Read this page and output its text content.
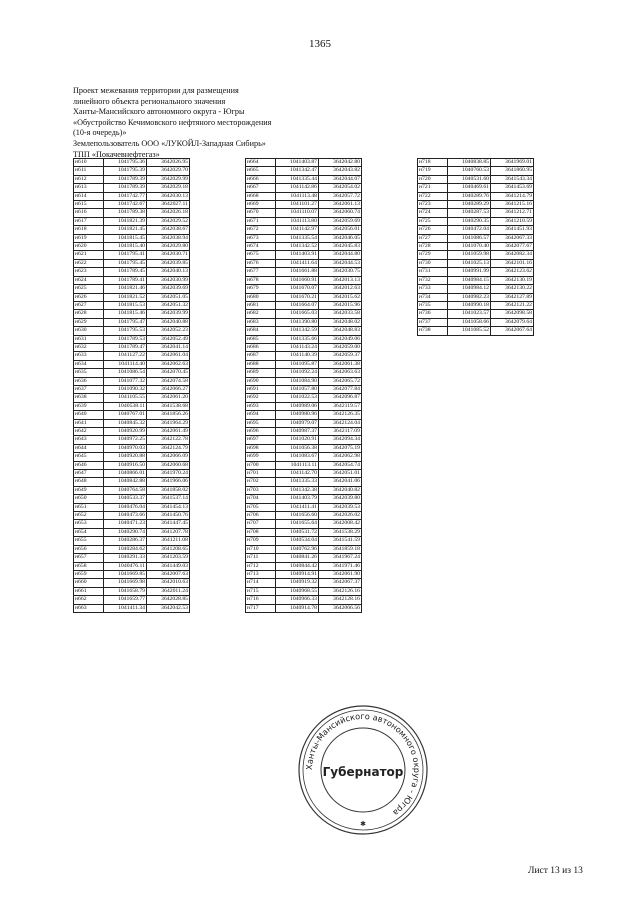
1365
Проект межевания территории для размещения
линейного объекта регионального значения
Ханты-Мансийского автономного округа - Югры
«Обустройство Кечимовского нефтяного месторождения
(10-я очередь)»
Землепользователь ООО «ЛУКОЙЛ-Западная Сибирь»
ТПП «Покачевнефтегаз»
н610	1041795.36	3642026.95
н611	1041795.39	3642029.70
н612	1041789.39	3642029.99
н613	1041789.39	3642029.18
н614	1041742.77	3642030.13
н615	1041742.67	3642027.11
н616	1041789.38	3642026.18
н617	1041821.39	3642029.52
н618	1041821.45	3642038.67
н619	1041815.45	3642038.94
н620	1041815.40	3642029.80
н621	1041795.41	3642030.71
н622	1041795.45	3642039.85
н623	1041789.45	3642040.13
н624	1041789.41	3642030.99
н625	1041821.46	3642039.69
н626	1041821.52	3642051.05
н627	1041815.53	3642051.32
н628	1041815.46	3642039.99
н629	1041795.47	3642040.88
н630	1041795.53	3642052.23
н631	1041789.53	3642052.49
н632	1041789.47	3642041.14
н633	1041127.22	3642061.04
н634	1041114.40	3642062.63
н635	1041086.54	3642070.45
н636	1041077.32	3642074.58
н637	1041090.32	3642066.27
н638	1041105.55	3642061.20
н639	1040538.11	3641538.68
н640	1040767.01	3641856.26
н641	1040845.32	3641964.29
н642	1040920.99	3642061.49
н643	1040972.25	3642122.78
н644	1040970.03	3642124.79
н645	1040920.88	3642066.09
н646	1040916.50	3642060.68
н647	1040866.01	3641970.24
н648	1040842.88	3641966.06
н649	1040764.58	3641858.02
н650	1040533.37	3641537.14
н651	1040476.04	3641454.13
н652	1040473.66	3641450.76
н653	1040471.23	3641447.45
н654	1040290.74	3641207.78
н655	1040286.37	3641211.08
н656	1040284.62	3641208.65
н657	1040291.33	3641203.59
н658	1040476.11	3641449.03
н659	1041669.85	3642007.63
н660	1041669.98	3642010.63
н661	1041658.79	3642011.24
н662	1041659.77	3642028.85
н663	1041411.34	3642042.53
н664	1041403.87	3642042.80
н665	1041342.47	3642043.82
н666	1041335.44	3642044.07
н667	1041142.86	3642054.02
н668	1041113.48	3642057.72
н669	1041101.27	3642061.13
н670	1041110.07	3642060.74
н671	1041113.80	3642059.69
н672	1041142.97	3642056.01
н673	1041335.54	3642046.05
н674	1041342.52	3642045.83
н675	1041403.91	3642044.80
н676	1041411.64	3642044.53
н677	1041661.88	3642030.75
н678	1041660.91	3642013.13
н679	1041670.07	3642012.63
н680	1041670.21	3642015.62
н681	1041664.07	3642015.96
н682	1041665.03	3642033.58
н683	1041390.80	3642048.02
н684	1041342.59	3642048.83
н685	1041335.66	3642049.06
н686	1041143.24	3642059.00
н687	1041140.39	3642059.37
н688	1041095.87	3642061.38
н689	1041092.24	3642063.63
н690	1041084.90	3642065.72
н691	1041057.80	3642077.84
н692	1041022.53	3642096.87
н693	1040989.06	3642119.57
н694	1040980.96	3642126.35
н695	1040979.07	3642124.04
н696	1040987.37	3642117.09
н697	1041020.91	3642094.34
н698	1041056.38	3642075.19
н699	1041083.67	3642062.98
н700	1041113.11	3642054.74
н701	1041142.70	3642051.01
н702	1041335.33	3642041.06
н703	1041342.38	3642040.82
н704	1041403.79	3642039.80
н705	1041411.41	3642039.53
н706	1041656.60	3642026.02
н707	1041655.64	3642008.42
н708	1040531.72	3641538.29
н709	1040534.04	3641541.59
н710	1040762.96	3641859.18
н711	1040841.26	3641967.24
н712	1040844.42	3641971.46
н713	1040914.91	3642061.90
н714	1040919.32	3642067.37
н715	1040968.55	3642126.16
н716	1040966.33	3642128.16
н717	1040914.78	3642066.56
н718	1040838.85	3641969.01
н719	1040760.53	3641860.95
н720	1040531.60	3641543.34
н721	1040469.61	3641453.69
н722	1040289.76	3641214.79
н723	1040289.29	3641215.16
н724	1040287.53	3641212.71
н725	1040290.35	3641210.59
н726	1040472.04	3641451.93
н727	1041086.57	3642067.33
н728	1041070.40	3642077.67
н729	1041059.98	3642082.34
н730	1041025.13	3642101.16
н731	1040991.99	3642123.62
н732	1040984.15	3642130.19
н733	1040984.12	3642130.22
н734	1040982.23	3642127.89
н735	1040990.18	3642121.22
н736	1041023.57	3642098.58
н737	1041058.66	3642079.64
н738	1041085.52	3642067.64
Ханты-Мансийского автономного округа - Югра
Губернатор
✱
Лист 13 из 13
